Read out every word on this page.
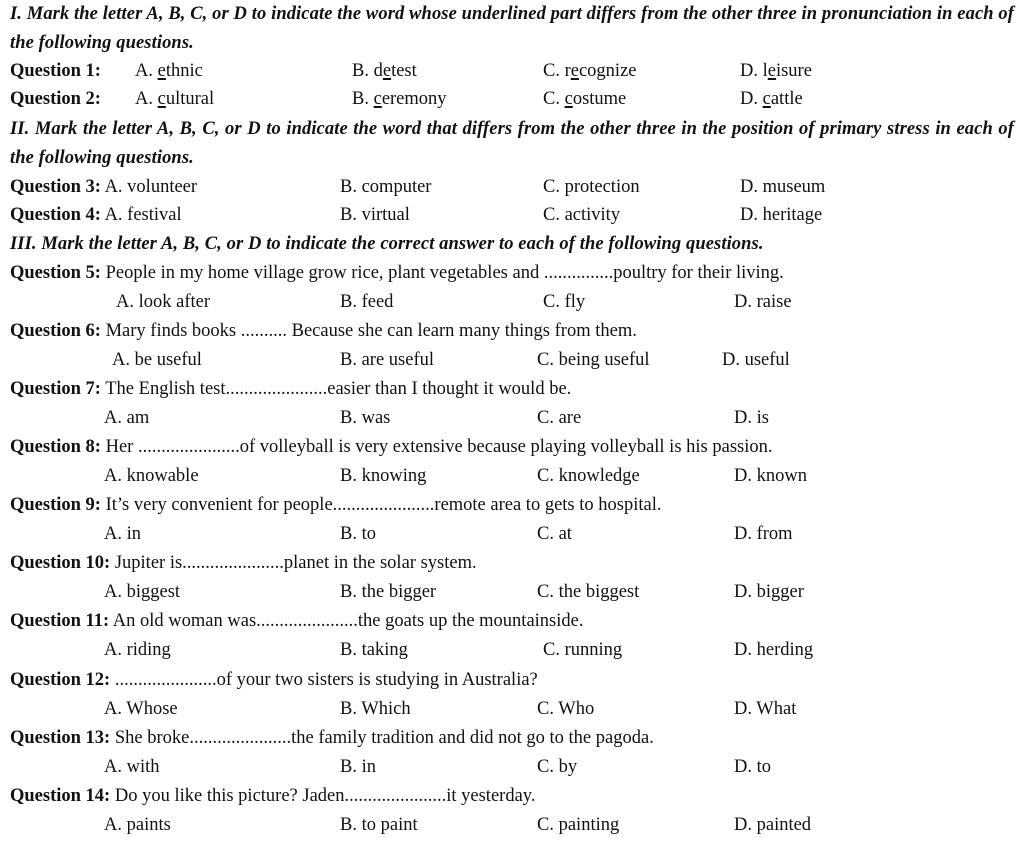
I. Mark the letter A, B, C, or D to indicate the word whose underlined part differs from the other three in pronunciation in each of the following questions.
Question 1: A. ethnic	B. detest	C. recognize	D. leisure
Question 2: A. cultural	B. ceremony	C. costume	D. cattle
II. Mark the letter A, B, C, or D to indicate the word that differs from the other three in the position of primary stress in each of the following questions.
Question 3: A. volunteer	B. computer	C. protection	D. museum
Question 4: A. festival	B. virtual	C. activity	D. heritage
III. Mark the letter A, B, C, or D to indicate the correct answer to each of the following questions.
Question 5: People in my home village grow rice, plant vegetables and ...............poultry for their living.
A. look after	B. feed	C. fly	D. raise
Question 6: Mary finds books .......... Because she can learn many things from them.
A. be useful	B. are useful	C. being useful	D. useful
Question 7: The English test......................easier than I thought it would be.
A. am	B. was	C. are	D. is
Question 8: Her ......................of volleyball is very extensive because playing volleyball is his passion.
A. knowable	B. knowing	C. knowledge	D. known
Question 9: It’s very convenient for people......................remote area to gets to hospital.
A. in	B. to	C. at	D. from
Question 10: Jupiter is......................planet in the solar system.
A. biggest	B. the bigger	C. the biggest	D. bigger
Question 11: An old woman was......................the goats up the mountainside.
A. riding	B. taking	C. running	D. herding
Question 12: ......................of your two sisters is studying in Australia?
A. Whose	B. Which	C. Who	D. What
Question 13: She broke......................the family tradition and did not go to the pagoda.
A. with	B. in	C. by	D. to
Question 14: Do you like this picture? Jaden......................it yesterday.
A. paints	B. to paint	C. painting	D. painted
